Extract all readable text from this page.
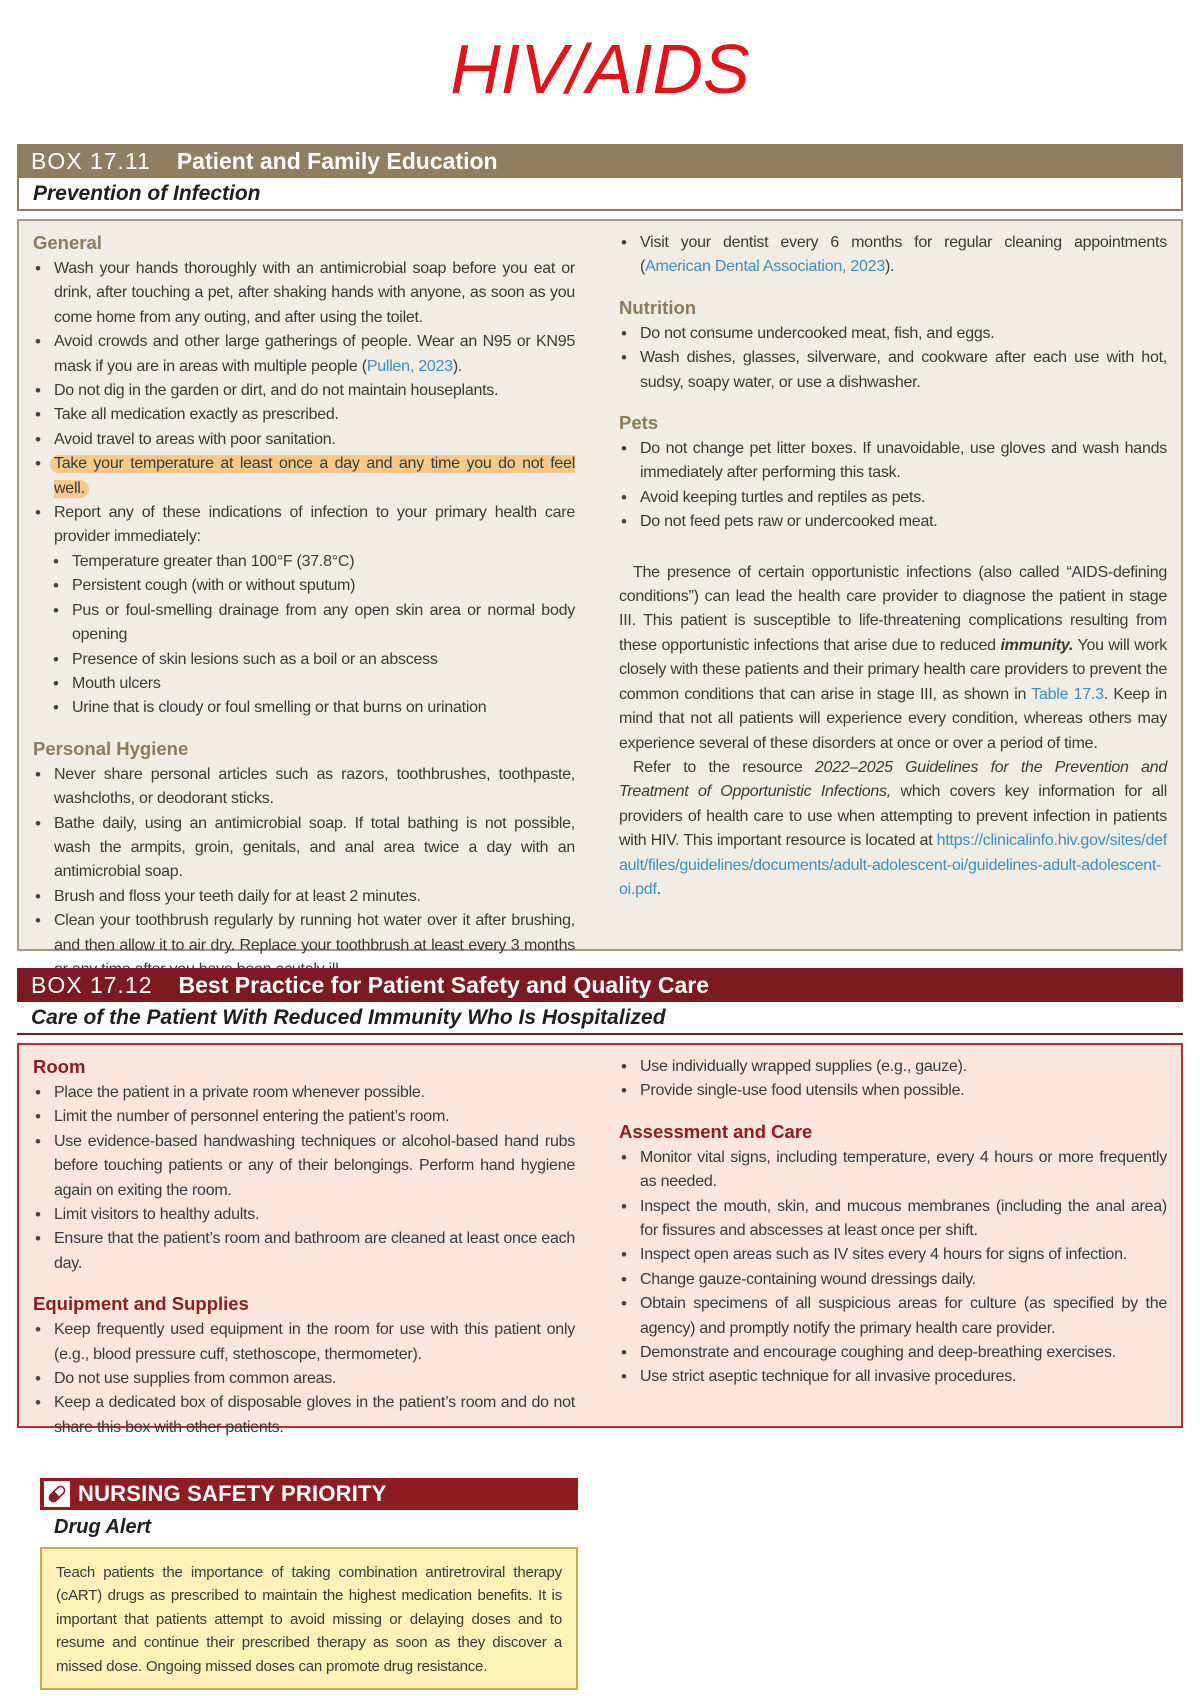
HIV/AIDS
BOX 17.11 Patient and Family Education
Prevention of Infection
General
• Wash your hands thoroughly with an antimicrobial soap before you eat or drink, after touching a pet, after shaking hands with anyone, as soon as you come home from any outing, and after using the toilet.
• Avoid crowds and other large gatherings of people. Wear an N95 or KN95 mask if you are in areas with multiple people (Pullen, 2023).
• Do not dig in the garden or dirt, and do not maintain houseplants.
• Take all medication exactly as prescribed.
• Avoid travel to areas with poor sanitation.
• Take your temperature at least once a day and any time you do not feel well.
• Report any of these indications of infection to your primary health care provider immediately:
• Temperature greater than 100°F (37.8°C)
• Persistent cough (with or without sputum)
• Pus or foul-smelling drainage from any open skin area or normal body opening
• Presence of skin lesions such as a boil or an abscess
• Mouth ulcers
• Urine that is cloudy or foul smelling or that burns on urination
Personal Hygiene
• Never share personal articles such as razors, toothbrushes, toothpaste, washcloths, or deodorant sticks.
• Bathe daily, using an antimicrobial soap. If total bathing is not possible, wash the armpits, groin, genitals, and anal area twice a day with an antimicrobial soap.
• Brush and floss your teeth daily for at least 2 minutes.
• Clean your toothbrush regularly by running hot water over it after brushing, and then allow it to air dry. Replace your toothbrush at least every 3 months
• Visit your dentist every 6 months for regular cleaning appointments (American Dental Association, 2023).
Nutrition
• Do not consume undercooked meat, fish, and eggs.
• Wash dishes, glasses, silverware, and cookware after each use with hot, sudsy, soapy water, or use a dishwasher.
Pets
• Do not change pet litter boxes. If unavoidable, use gloves and wash hands immediately after performing this task.
• Avoid keeping turtles and reptiles as pets.
• Do not feed pets raw or undercooked meat.

The presence of certain opportunistic infections (also called “AIDS-defining conditions”) can lead the health care provider to diagnose the patient in stage III. This patient is susceptible to life-threatening complications resulting from these opportunistic infections that arise due to reduced immunity. You will work closely with these patients and their primary health care providers to prevent the common conditions that can arise in stage III, as shown in Table 17.3. Keep in mind that not all patients will experience every condition, whereas others may experience several of these disorders at once or over a period of time.

Refer to the resource 2022–2025 Guidelines for the Prevention and Treatment of Opportunistic Infections, which covers key information for all providers of health care to use when attempting to prevent infection in patients with HIV. This important resource is located at https://clinicalinfo.hiv.gov/sites/default/files/guidelines/documents/adult-adolescent-oi/guidelines-adult-adolescent-oi.pdf.

BOX 17.12 Best Practice for Patient Safety and Quality Care
Care of the Patient With Reduced Immunity Who Is Hospitalized
Room
• Place the patient in a private room whenever possible.
• Limit the number of personnel entering the patient’s room.
• Use evidence-based handwashing techniques or alcohol-based hand rubs before touching patients or any of their belongings. Perform hand hygiene again on exiting the room.
• Limit visitors to healthy adults.
• Ensure that the patient’s room and bathroom are cleaned at least once each day.
Equipment and Supplies
• Keep frequently used equipment in the room for use with this patient only (e.g., blood pressure cuff, stethoscope, thermometer).
• Do not use supplies from common areas.
• Keep a dedicated box of disposable gloves in the patient’s room and do not share this box with other patients.
• Use individually wrapped supplies (e.g., gauze).
• Provide single-use food utensils when possible.
Assessment and Care
• Monitor vital signs, including temperature, every 4 hours or more frequently as needed.
• Inspect the mouth, skin, and mucous membranes (including the anal area) for fissures and abscesses at least once per shift.
• Inspect open areas such as IV sites every 4 hours for signs of infection.
• Change gauze-containing wound dressings daily.
• Obtain specimens of all suspicious areas for culture (as specified by the agency) and promptly notify the primary health care provider.
• Demonstrate and encourage coughing and deep-breathing exercises.
• Use strict aseptic technique for all invasive procedures.
NURSING SAFETY PRIORITY
Drug Alert
Teach patients the importance of taking combination antiretroviral therapy (cART) drugs as prescribed to maintain the highest medication benefits. It is important that patients attempt to avoid missing or delaying doses and to resume and continue their prescribed therapy as soon as they discover a missed dose. Ongoing missed doses can promote drug resistance.
